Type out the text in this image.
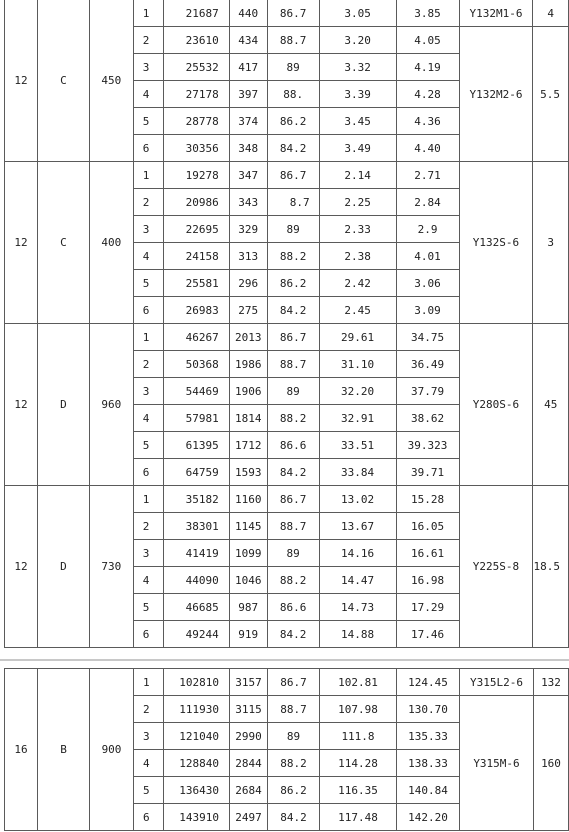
12	C	450	1	21687	440	86.7	3.05	3.85	Y132M1-6	4
			2	23610	434	88.7	3.20	4.05	Y132M2-6	5.5
			3	25532	417	89	3.32	4.19		
			4	27178	397	88.	3.39	4.28		
			5	28778	374	86.2	3.45	4.36		
			6	30356	348	84.2	3.49	4.40		
12	C	400	1	19278	347	86.7	2.14	2.71	Y132S-6	3
			2	20986	343	8.7	2.25	2.84		
			3	22695	329	89	2.33	2.9		
			4	24158	313	88.2	2.38	4.01		
			5	25581	296	86.2	2.42	3.06		
			6	26983	275	84.2	2.45	3.09		
12	D	960	1	46267	2013	86.7	29.61	34.75	Y280S-6	45
			2	50368	1986	88.7	31.10	36.49		
			3	54469	1906	89	32.20	37.79		
			4	57981	1814	88.2	32.91	38.62		
			5	61395	1712	86.6	33.51	39.323		
			6	64759	1593	84.2	33.84	39.71		
12	D	730	1	35182	1160	86.7	13.02	15.28	Y225S-8	18.5
			2	38301	1145	88.7	13.67	16.05		
			3	41419	1099	89	14.16	16.61		
			4	44090	1046	88.2	14.47	16.98		
			5	46685	987	86.6	14.73	17.29		
			6	49244	919	84.2	14.88	17.46		
16	B	900	1	102810	3157	86.7	102.81	124.45	Y315L2-6	132
			2	111930	3115	88.7	107.98	130.70	Y315M-6	160
			3	121040	2990	89	111.8	135.33		
			4	128840	2844	88.2	114.28	138.33		
			5	136430	2684	86.2	116.35	140.84		
			6	143910	2497	84.2	117.48	142.20		
